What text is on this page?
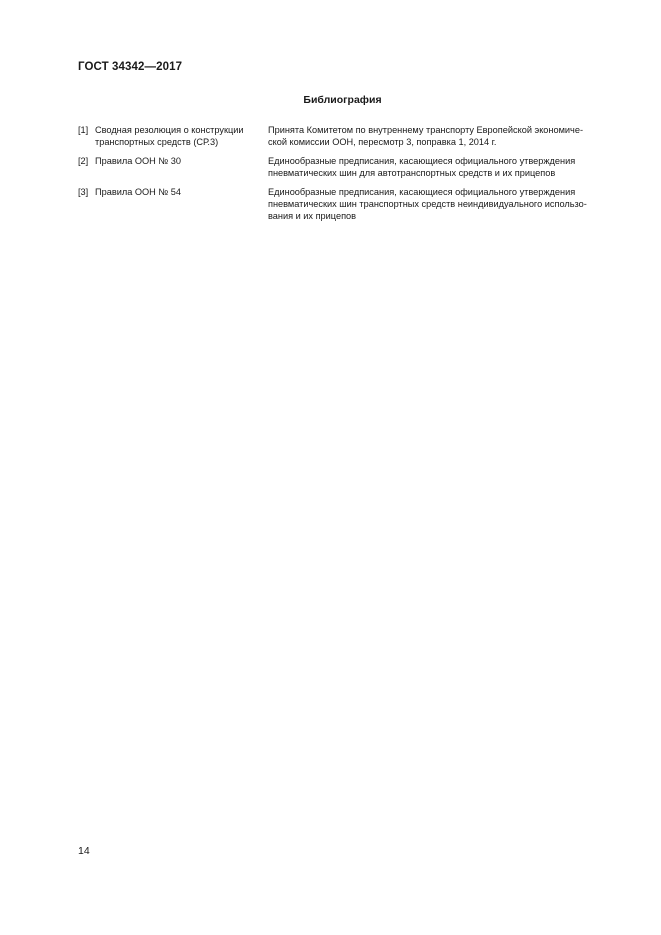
ГОСТ 34342—2017
Библиография
[1] Сводная резолюция о конструкции
транспортных средств (СР.3)
Принята Комитетом по внутреннему транспорту Европейской экономиче-
ской комиссии ООН, пересмотр 3, поправка 1, 2014 г.
[2] Правила ООН № 30	Единообразные предписания, касающиеся официального утверждения
пневматических шин для автотранспортных средств и их прицепов
[3] Правила ООН № 54	Единообразные предписания, касающиеся официального утверждения
пневматических шин транспортных средств неиндивидуального использо-
вания и их прицепов
14
